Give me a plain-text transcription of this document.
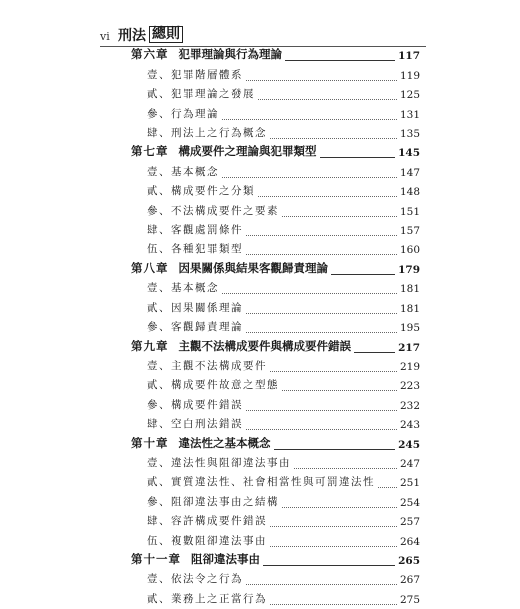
vi 刑法 總則
第六章 犯罪理論與行為理論	117
壹、犯罪階層體系	119
貳、犯罪理論之發展	125
參、行為理論	131
肆、刑法上之行為概念	135
第七章 構成要件之理論與犯罪類型	145
壹、基本概念	147
貳、構成要件之分類	148
參、不法構成要件之要素	151
肆、客觀處罰條件	157
伍、各種犯罪類型	160
第八章 因果關係與結果客觀歸責理論	179
壹、基本概念	181
貳、因果關係理論	181
參、客觀歸責理論	195
第九章 主觀不法構成要件與構成要件錯誤	217
壹、主觀不法構成要件	219
貳、構成要件故意之型態	223
參、構成要件錯誤	232
肆、空白刑法錯誤	243
第十章 違法性之基本概念	245
壹、違法性與阻卻違法事由	247
貳、實質違法性、社會相當性與可罰違法性 251
參、阻卻違法事由之結構	254
肆、容許構成要件錯誤	257
伍、複數阻卻違法事由	264
第十一章 阻卻違法事由	265
壹、依法令之行為	267
貳、業務上之正當行為	275
